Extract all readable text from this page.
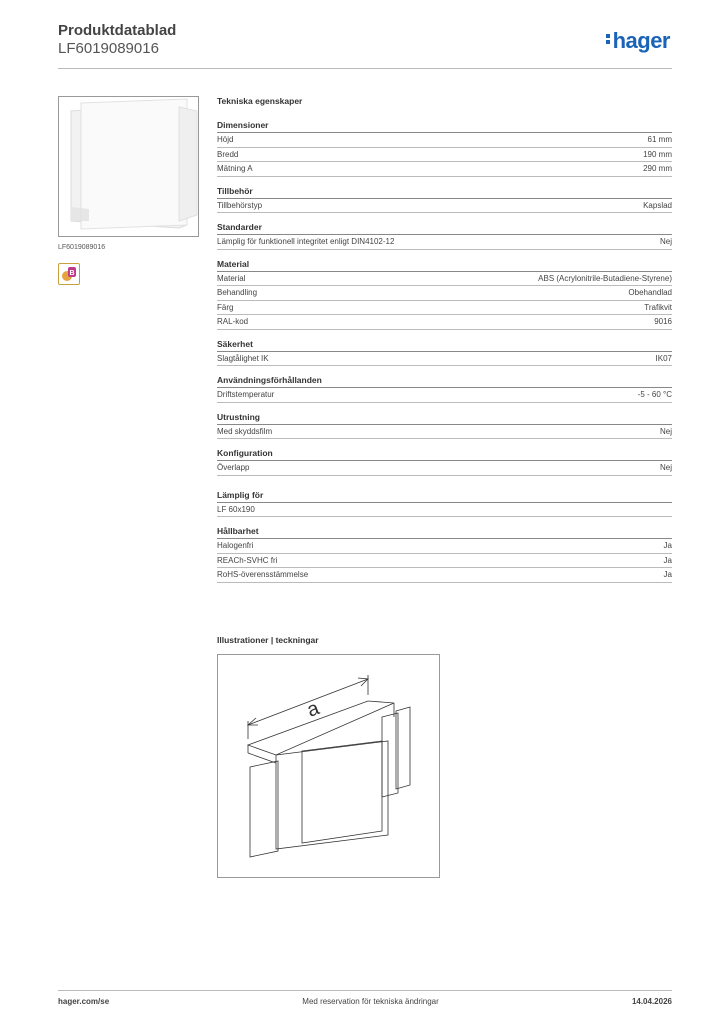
Produktdatablad
LF6019089016	hager
LF6019089016
B
Tekniska egenskaper
Dimensioner
Höjd	61 mm
Bredd	190 mm
Mätning A	290 mm
Tillbehör
Tillbehörstyp	Kapslad
Standarder
Lämplig för funktionell integritet enligt DIN4102-12	Nej
Material
Material	ABS (Acrylonitrile-Butadiene-Styrene)
Behandling	Obehandlad
Färg	Trafikvit
RAL-kod	9016
Säkerhet
Slagtålighet IK	IK07
Användningsförhållanden
Driftstemperatur	-5 - 60 °C
Utrustning
Med skyddsfilm	Nej
Konfiguration
Överlapp	Nej
Lämplig för
LF 60x190
Hållbarhet
Halogenfri	Ja
REACh-SVHC fri	Ja
RoHS-överensstämmelse	Ja
Illustrationer | teckningar
a
hager.com/se	Med reservation för tekniska ändringar	14.04.2026
